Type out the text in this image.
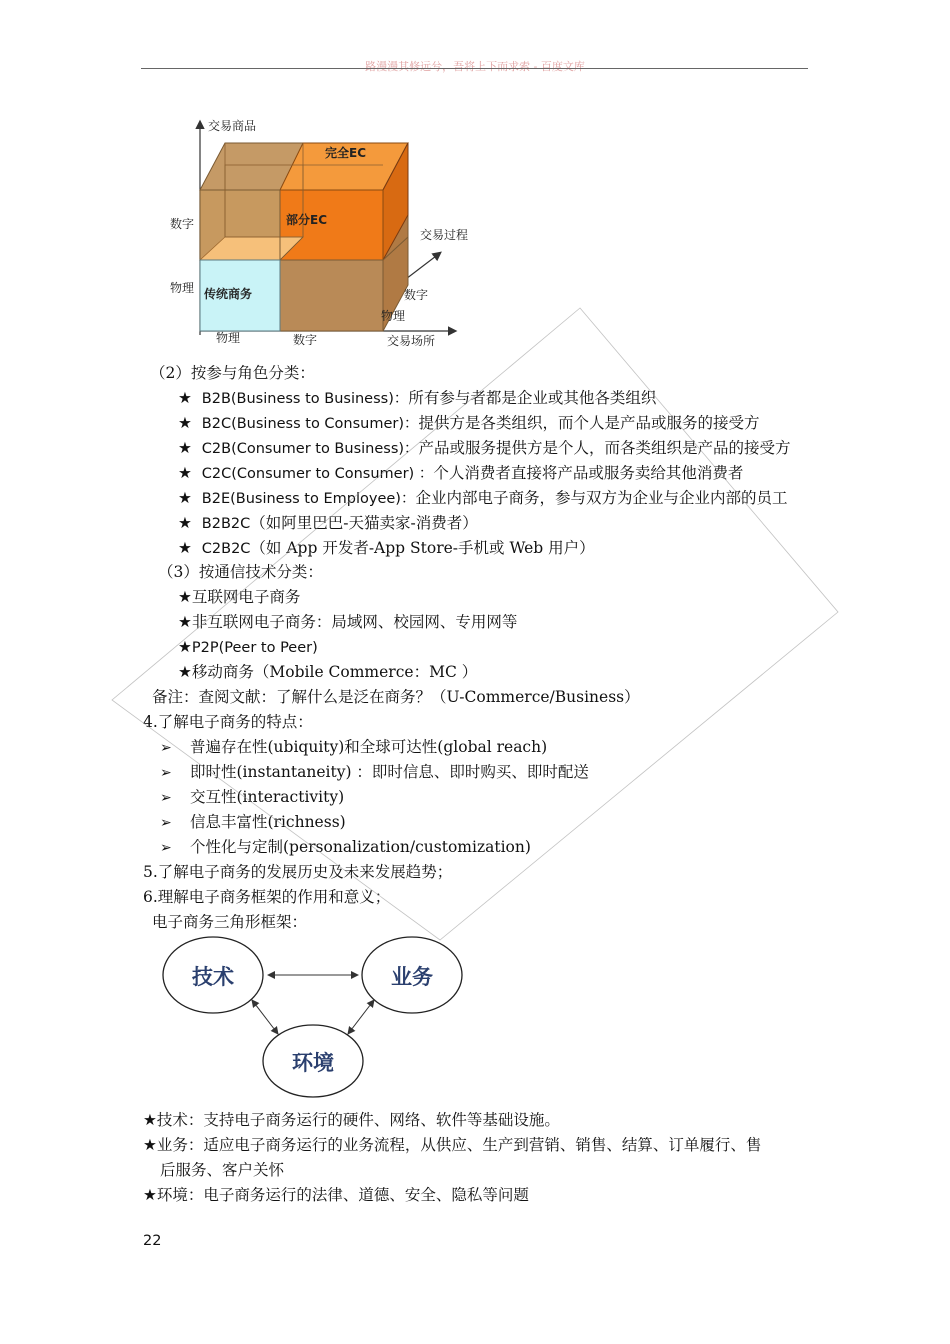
路漫漫其修远兮，吾将上下而求索 - 百度文库
交易商品
数字
物理
交易过程
数字
物理
物理	数字	交易场所
完全EC
部分EC
传统商务
（2）按参与角色分类：
★ B2B(Business to Business)：所有参与者都是企业或其他各类组织
★ B2C(Business to Consumer)：提供方是各类组织，而个人是产品或服务的接受方
★ C2B(Consumer to Business)：产品或服务提供方是个人，而各类组织是产品的接受方
★ C2C(Consumer to Consumer) ：个人消费者直接将产品或服务卖给其他消费者
★ B2E(Business to Employee)：企业内部电子商务，参与双方为企业与企业内部的员工
★ B2B2C（如阿里巴巴-天猫卖家-消费者）
★ C2B2C（如 App 开发者-App Store-手机或 Web 用户）
（3）按通信技术分类：
★互联网电子商务
★非互联网电子商务：局域网、校园网、专用网等
★P2P(Peer to Peer)
★移动商务（Mobile Commerce：MC ）
备注：查阅文献：了解什么是泛在商务？（U-Commerce/Business）
4.了解电子商务的特点：
➢ 普遍存在性(ubiquity)和全球可达性(global reach)
➢ 即时性(instantaneity) ：即时信息、即时购买、即时配送
➢ 交互性(interactivity)
➢ 信息丰富性(richness)
➢ 个性化与定制(personalization/customization)
5.了解电子商务的发展历史及未来发展趋势；
6.理解电子商务框架的作用和意义；
电子商务三角形框架：
技术	业务
环境
★技术：支持电子商务运行的硬件、网络、软件等基础设施。
★业务：适应电子商务运行的业务流程，从供应、生产到营销、销售、结算、订单履行、售
后服务、客户关怀
★环境：电子商务运行的法律、道德、安全、隐私等问题
22
